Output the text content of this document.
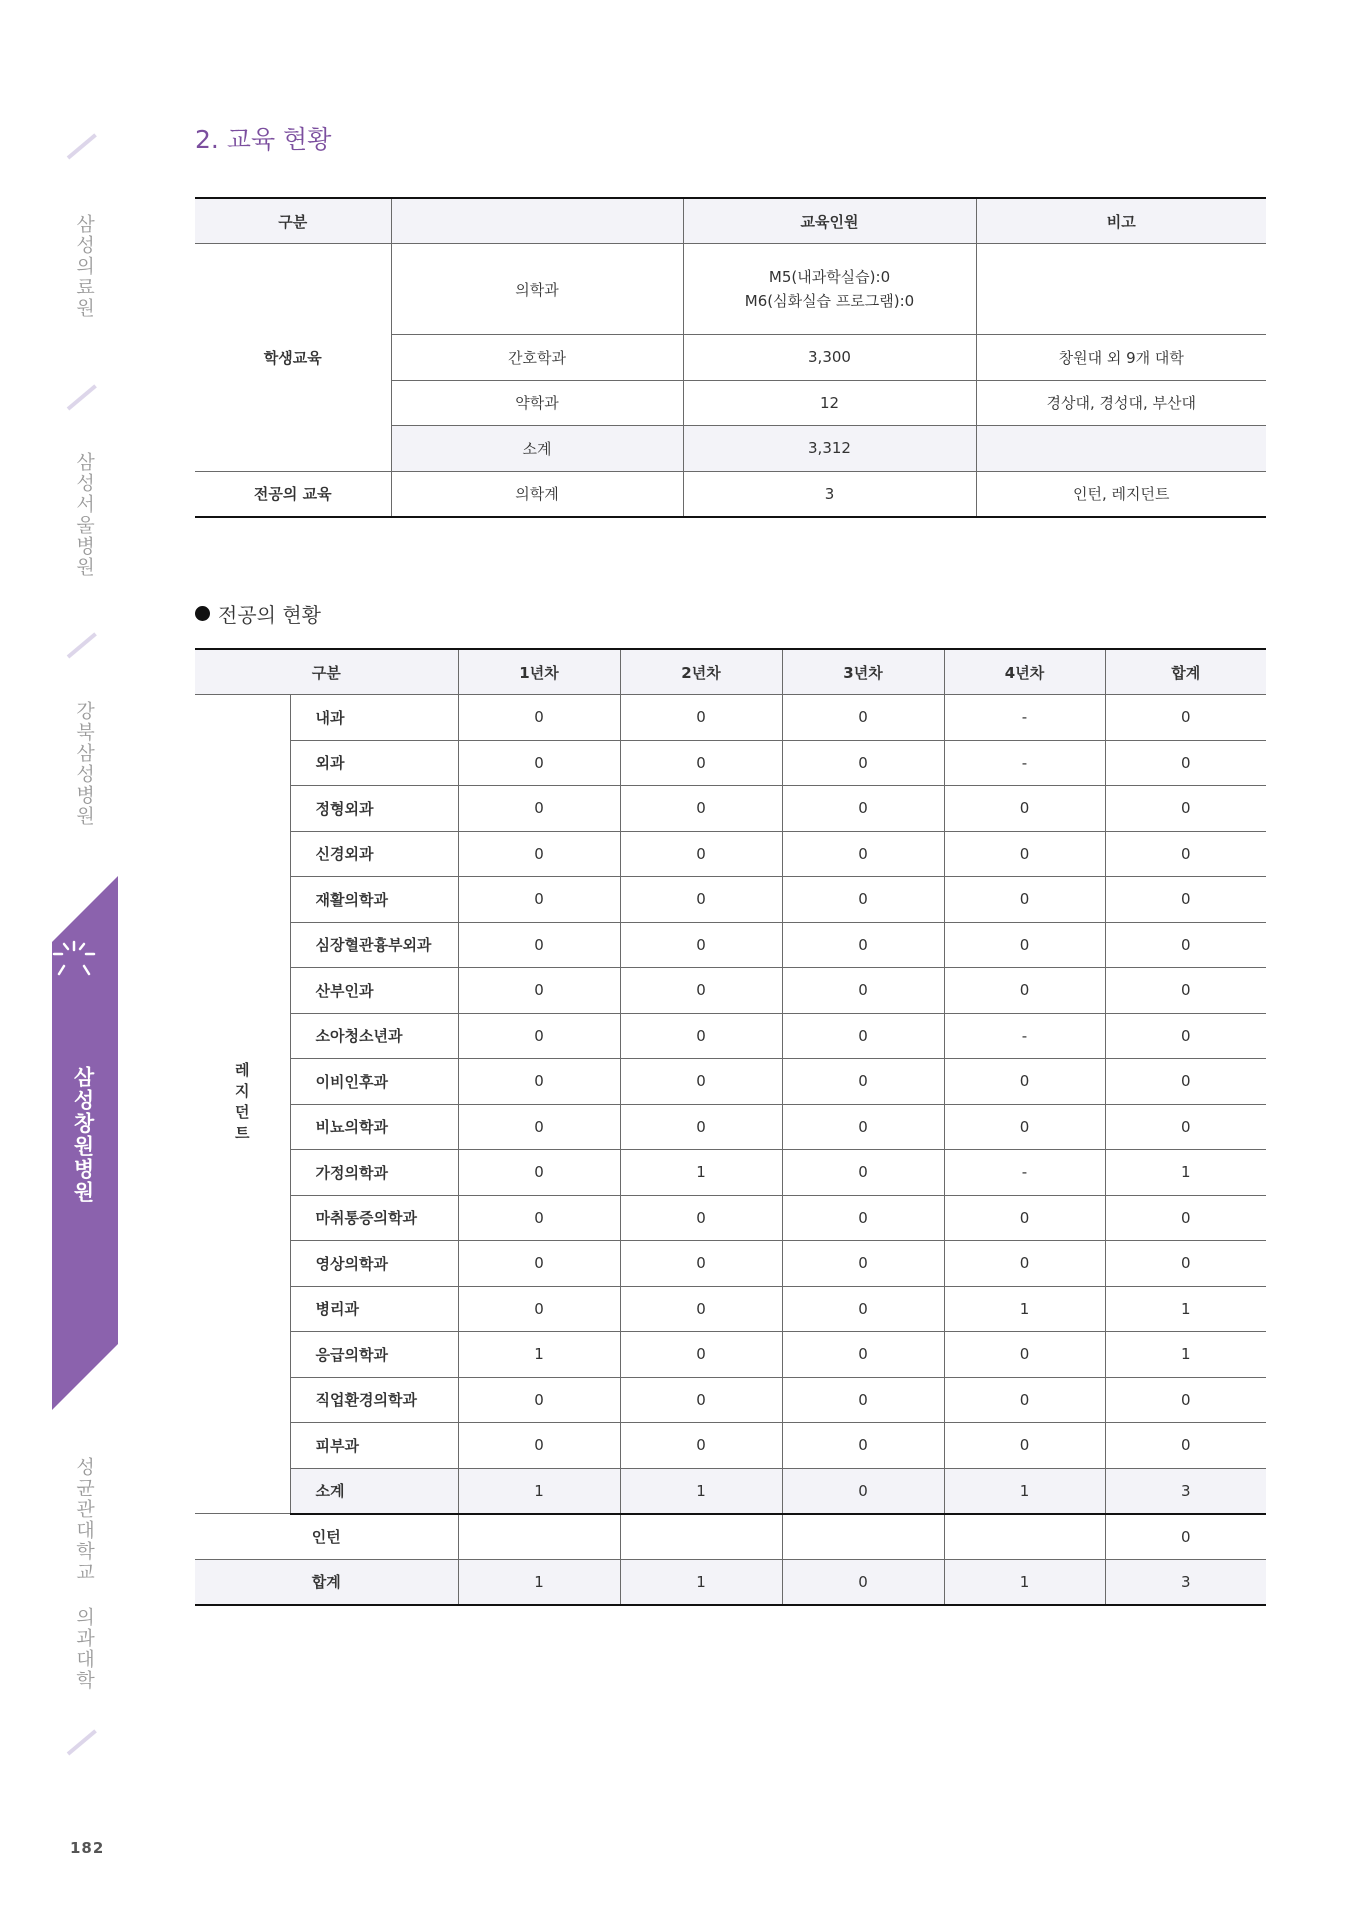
삼성의료원
삼성서울병원
강북삼성병원
삼성창원병원
성균관대학교 의과대학
182
2. 교육 현황
구분		교육인원	비고
학생교육	의학과	M5(내과학실습):0
M6(심화실습 프로그램):0	

	간호학과	3,300	창원대 외 9개 대학
	약학과	12	경상대, 경성대, 부산대
	소계	3,312	
전공의 교육	의학계	3	인턴, 레지던트
전공의 현황
구분		1년차	2년차	3년차	4년차	합계
레지던트	내과	0	0	0	-	0
	외과	0	0	0	-	0
	정형외과	0	0	0	0	0
	신경외과	0	0	0	0	0
	재활의학과	0	0	0	0	0
	심장혈관흉부외과	0	0	0	0	0
	산부인과	0	0	0	0	0
	소아청소년과	0	0	0	-	0
	이비인후과	0	0	0	0	0
	비뇨의학과	0	0	0	0	0
	가정의학과	0	1	0	-	1
	마취통증의학과	0	0	0	0	0
	영상의학과	0	0	0	0	0
	병리과	0	0	0	1	1
	응급의학과	1	0	0	0	1
	직업환경의학과	0	0	0	0	0
	피부과	0	0	0	0	0
	소계	1	1	0	1	3
인턴						0
합계		1	1	0	1	3
